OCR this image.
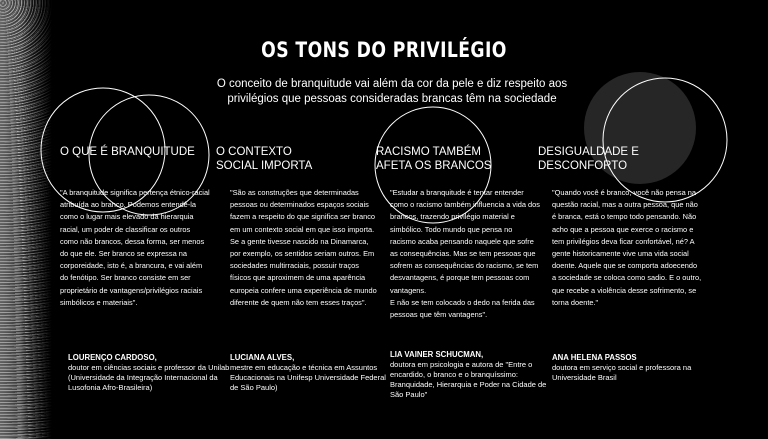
OS TONS DO PRIVILÉGIO
O conceito de branquitude vai além da cor da pele e diz respeito aos privilégios que pessoas consideradas brancas têm na sociedade
O QUE É BRANQUITUDE
"A branquitude significa pertença étnico-racial atribuída ao branco. Podemos entendê-la como o lugar mais elevado da hierarquia racial, um poder de classificar os outros como não brancos, dessa forma, ser menos do que ele. Ser branco se expressa na corporeidade, isto é, a brancura, e vai além do fenótipo. Ser branco consiste em ser proprietário de vantagens/privilégios raciais simbólicos e materiais".
LOURENÇO CARDOSO,
doutor em ciências sociais e professor da Unilab (Universidade da Integração Internacional da Lusofonia Afro-Brasileira)
O CONTEXTO
SOCIAL IMPORTA
"São as construções que determinadas pessoas ou determinados espaços sociais fazem a respeito do que significa ser branco em um contexto social em que isso importa. Se a gente tivesse nascido na Dinamarca, por exemplo, os sentidos seriam outros. Em sociedades multirraciais, possuir traços físicos que aproximem de uma aparência europeia confere uma experiência de mundo diferente de quem não tem esses traços".
LUCIANA ALVES,
mestre em educação e técnica em Assuntos Educacionais na Unifesp Universidade Federal de São Paulo)
RACISMO TAMBÉM
AFETA OS BRANCOS
"Estudar a branquitude é tentar entender como o racismo também influencia a vida dos brancos, trazendo privilégio material e simbólico. Todo mundo que pensa no racismo acaba pensando naquele que sofre as consequências. Mas se tem pessoas que sofrem as consequências do racismo, se tem desvantagens, é porque tem pessoas com vantagens.
E não se tem colocado o dedo na ferida das pessoas que têm vantagens".
LIA VAINER SCHUCMAN,
doutora em psicologia e autora de "Entre o encardido, o branco e o branquíssimo: Branquidade, Hierarquia e Poder na Cidade de São Paulo"
DESIGUALDADE E
DESCONFORTO
"Quando você é branco, você não pensa na questão racial, mas a outra pessoa, que não é branca, está o tempo todo pensando. Não acho que a pessoa que exerce o racismo e tem privilégios deva ficar confortável, né? A gente historicamente vive uma vida social doente. Aquele que se comporta adoecendo a sociedade se coloca como sadio. E o outro, que recebe a violência desse sofrimento, se torna doente."
ANA HELENA PASSOS
doutora em serviço social e professora na Universidade Brasil
